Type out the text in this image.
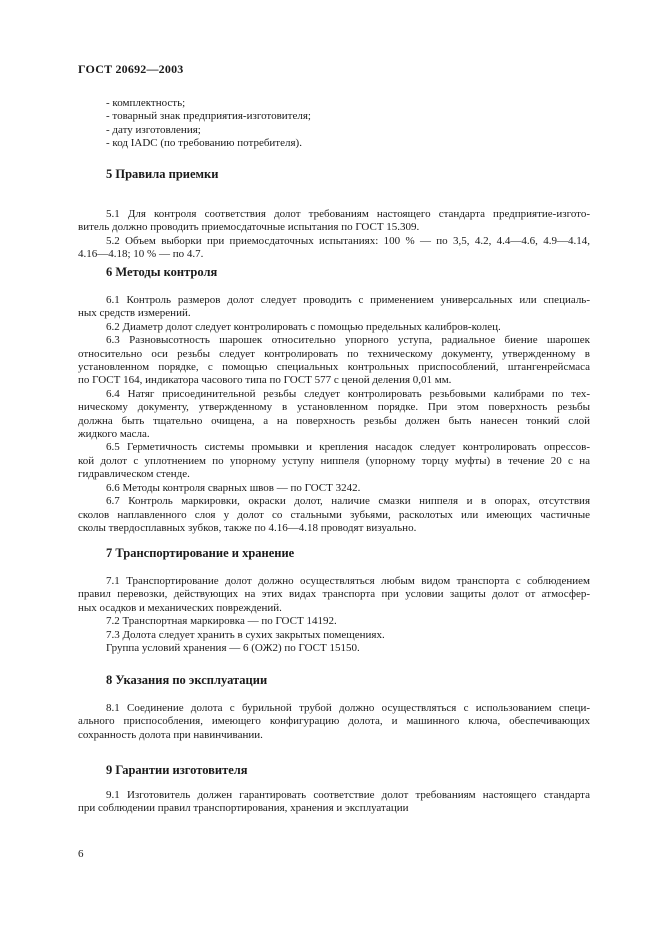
ГОСТ 20692—2003
- комплектность;
- товарный знак предприятия-изготовителя;
- дату изготовления;
- код IADC (по требованию потребителя).
5 Правила приемки
5.1 Для контроля соответствия долот требованиям настоящего стандарта предприятие-изгото-
витель должно проводить приемосдаточные испытания по ГОСТ 15.309.
5.2 Объем выборки при приемосдаточных испытаниях: 100 % — по 3,5, 4.2, 4.4—4.6, 4.9—4.14,
4.16—4.18; 10 % — по 4.7.
6 Методы контроля
6.1 Контроль размеров долот следует проводить с применением универсальных или специаль-
ных средств измерений.
6.2 Диаметр долот следует контролировать с помощью предельных калибров-колец.
6.3 Разновысотность шарошек относительно упорного уступа, радиальное биение шарошек
относительно оси резьбы следует контролировать по техническому документу, утвержденному в
установленном порядке, с помощью специальных контрольных приспособлений, штангенрейсмаса
по ГОСТ 164, индикатора часового типа по ГОСТ 577 с ценой деления 0,01 мм.
6.4 Натяг присоединительной резьбы следует контролировать резьбовыми калибрами по тех-
ническому документу, утвержденному в установленном порядке. При этом поверхность резьбы
должна быть тщательно очищена, а на поверхность резьбы должен быть нанесен тонкий слой
жидкого масла.
6.5 Герметичность системы промывки и крепления насадок следует контролировать опрессов-
кой долот с уплотнением по упорному уступу ниппеля (упорному торцу муфты) в течение 20 с на
гидравлическом стенде.
6.6 Методы контроля сварных швов — по ГОСТ 3242.
6.7 Контроль маркировки, окраски долот, наличие смазки ниппеля и в опорах, отсутствия
сколов наплавленного слоя у долот со стальными зубьями, расколотых или имеющих частичные
сколы твердосплавных зубков, также по 4.16—4.18 проводят визуально.
7 Транспортирование и хранение
7.1 Транспортирование долот должно осуществляться любым видом транспорта с соблюдением
правил перевозки, действующих на этих видах транспорта при условии защиты долот от атмосфер-
ных осадков и механических повреждений.
7.2 Транспортная маркировка — по ГОСТ 14192.
7.3 Долота следует хранить в сухих закрытых помещениях.
Группа условий хранения — 6 (ОЖ2) по ГОСТ 15150.
8 Указания по эксплуатации
8.1 Соединение долота с бурильной трубой должно осуществляться с использованием специ-
ального приспособления, имеющего конфигурацию долота, и машинного ключа, обеспечивающих
сохранность долота при навинчивании.
9 Гарантии изготовителя
9.1 Изготовитель должен гарантировать соответствие долот требованиям настоящего стандарта
при соблюдении правил транспортирования, хранения и эксплуатации
6
